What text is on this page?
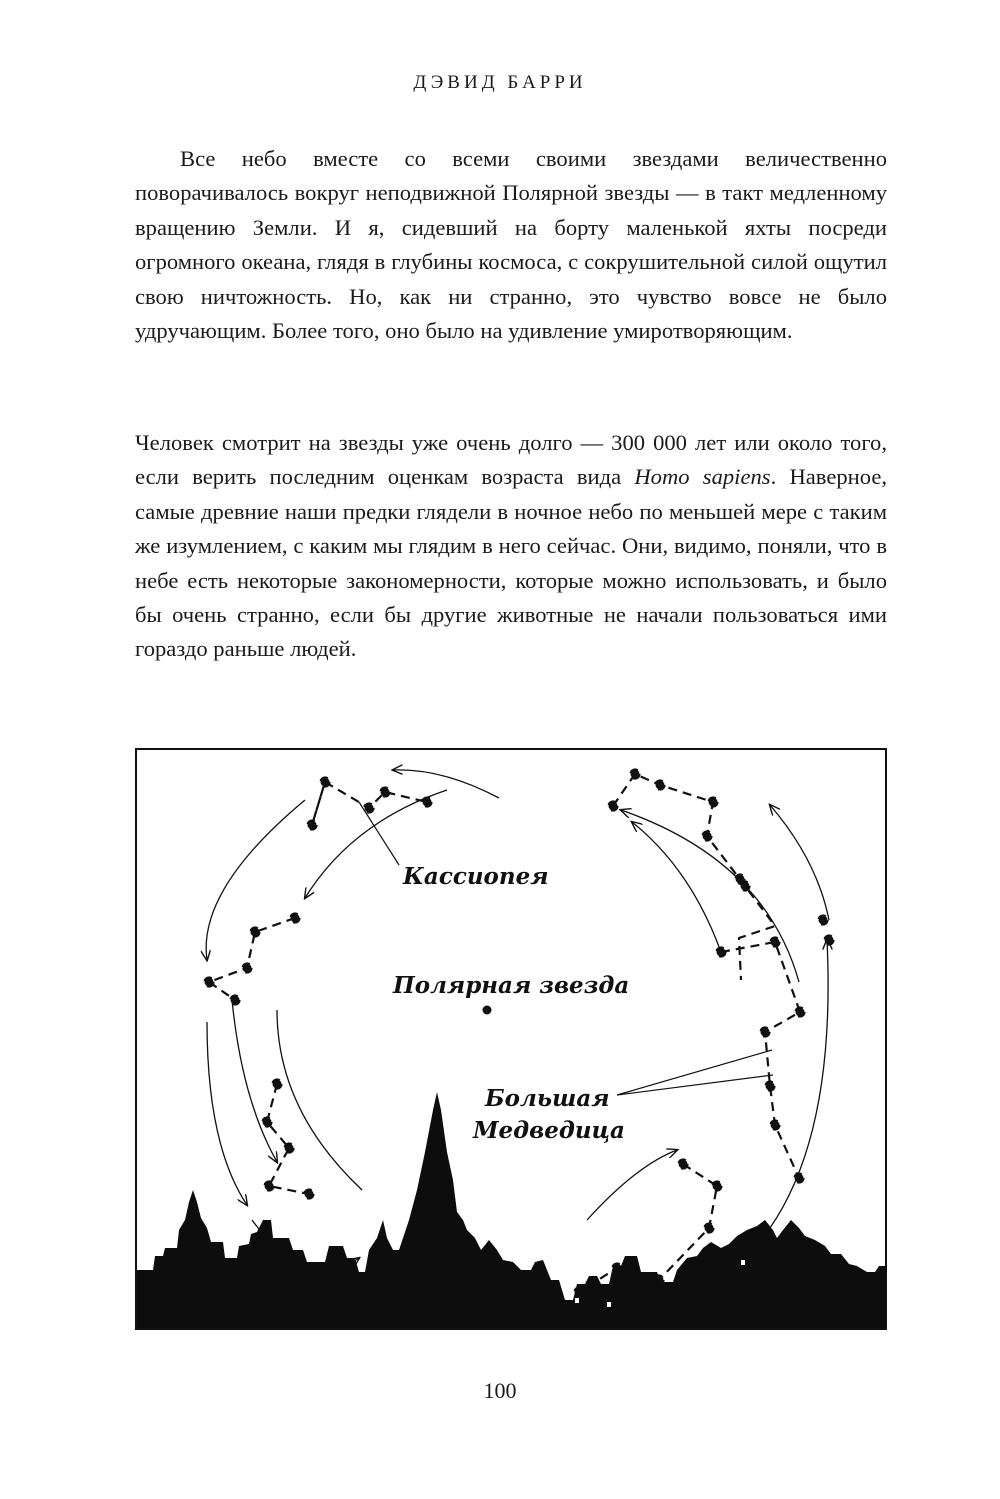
ДЭВИД БАРРИ

Все небо вместе со всеми своими звездами величественно поворачивалось вокруг неподвижной Полярной звезды — в такт медленному вращению Земли. И я, сидевший на борту маленькой яхты посреди огромного океана, глядя в глубины космоса, с сокрушительной силой ощутил свою ничтожность. Но, как ни странно, это чувство вовсе не было удручающим. Более того, оно было на удивление умиротворяющим.

Человек смотрит на звезды уже очень долго — 300 000 лет или около того, если верить последним оценкам возраста вида Homo sapiens. Наверное, самые древние наши предки глядели в ночное небо по меньшей мере с таким же изумлением, с каким мы глядим в него сейчас. Они, видимо, поняли, что в небе есть некоторые закономерности, которые можно использовать, и было бы очень странно, если бы другие животные не начали пользоваться ими гораздо раньше людей.

Кассиопея
Полярная звезда
Большая
Медведица
100
